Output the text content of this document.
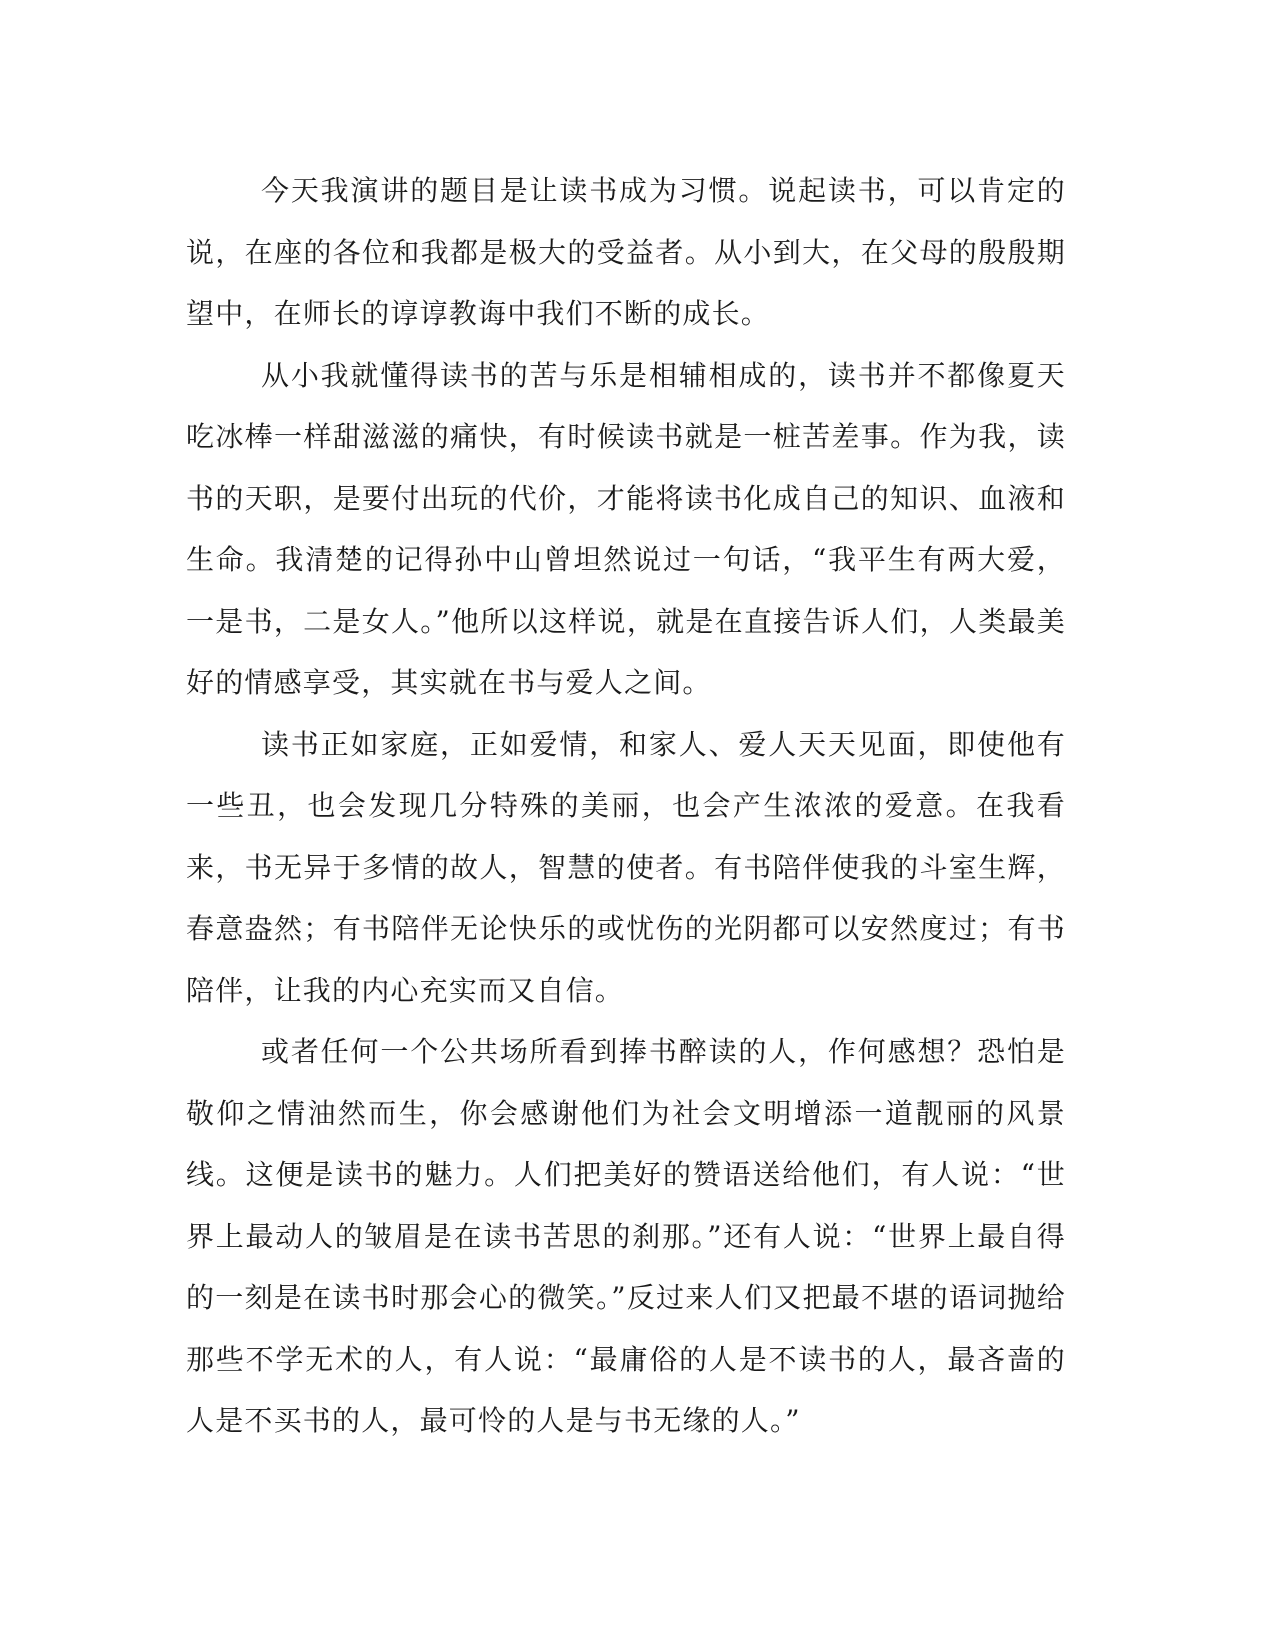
今天我演讲的题目是让读书成为习惯。说起读书，可以肯定的说，在座的各位和我都是极大的受益者。从小到大，在父母的殷殷期望中，在师长的谆谆教诲中我们不断的成长。

从小我就懂得读书的苦与乐是相辅相成的，读书并不都像夏天吃冰棒一样甜滋滋的痛快，有时候读书就是一桩苦差事。作为我，读书的天职，是要付出玩的代价，才能将读书化成自己的知识、血液和生命。我清楚的记得孙中山曾坦然说过一句话，“我平生有两大爱，一是书，二是女人。”他所以这样说，就是在直接告诉人们，人类最美好的情感享受，其实就在书与爱人之间。

读书正如家庭，正如爱情，和家人、爱人天天见面，即使他有一些丑，也会发现几分特殊的美丽，也会产生浓浓的爱意。在我看来，书无异于多情的故人，智慧的使者。有书陪伴使我的斗室生辉，春意盎然；有书陪伴无论快乐的或忧伤的光阴都可以安然度过；有书陪伴，让我的内心充实而又自信。

或者任何一个公共场所看到捧书醉读的人，作何感想？恐怕是敬仰之情油然而生，你会感谢他们为社会文明增添一道靓丽的风景线。这便是读书的魅力。人们把美好的赞语送给他们，有人说：“世界上最动人的皱眉是在读书苦思的刹那。”还有人说：“世界上最自得的一刻是在读书时那会心的微笑。”反过来人们又把最不堪的语词抛给那些不学无术的人，有人说：“最庸俗的人是不读书的人，最吝啬的人是不买书的人，最可怜的人是与书无缘的人。”
